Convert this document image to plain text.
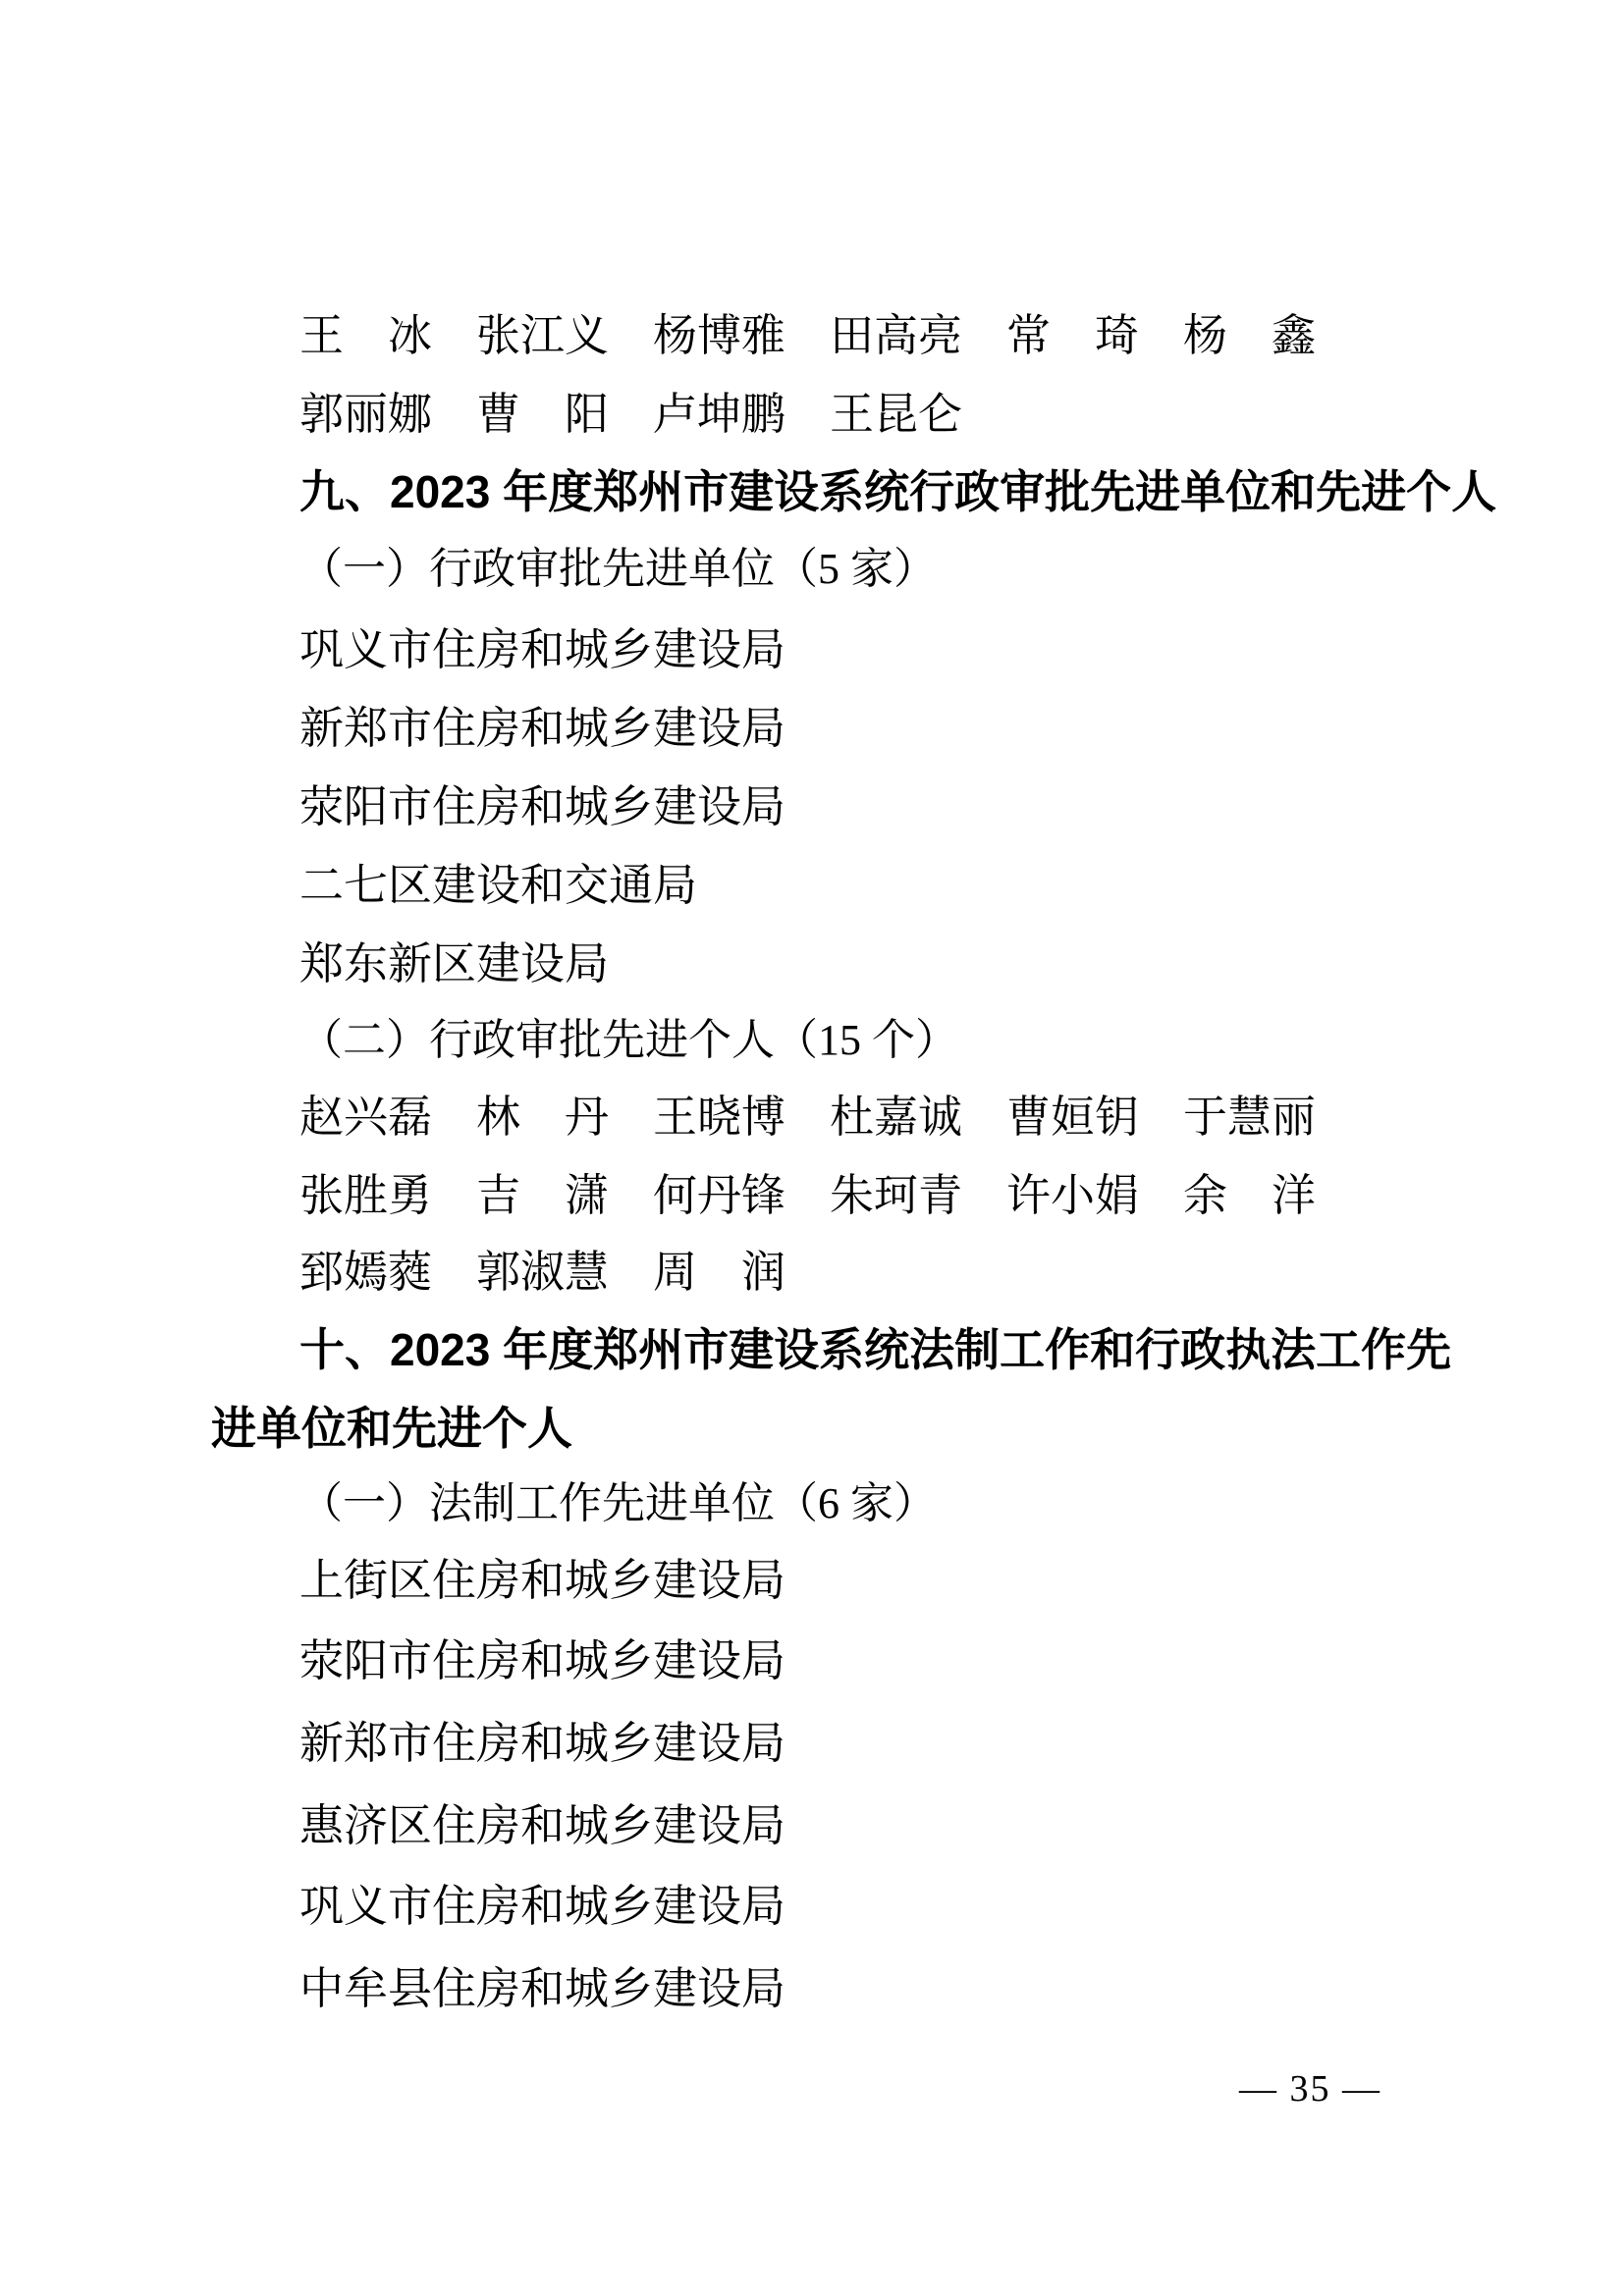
王　冰　张江义　杨博雅　田高亮　常　琦　杨　鑫
郭丽娜　曹　阳　卢坤鹏　王昆仑
九、2023 年度郑州市建设系统行政审批先进单位和先进个人
（一）行政审批先进单位（5 家）
巩义市住房和城乡建设局
新郑市住房和城乡建设局
荥阳市住房和城乡建设局
二七区建设和交通局
郑东新区建设局
（二）行政审批先进个人（15 个）
赵兴磊　林　丹　王晓博　杜嘉诚　曹姮钥　于慧丽
张胜勇　吉　潇　何丹锋　朱珂青　许小娟　余　洋
郅嫣蕤　郭淑慧　周　润
十、2023 年度郑州市建设系统法制工作和行政执法工作先
进单位和先进个人
（一）法制工作先进单位（6 家）
上街区住房和城乡建设局
荥阳市住房和城乡建设局
新郑市住房和城乡建设局
惠济区住房和城乡建设局
巩义市住房和城乡建设局
中牟县住房和城乡建设局
— 35 —
